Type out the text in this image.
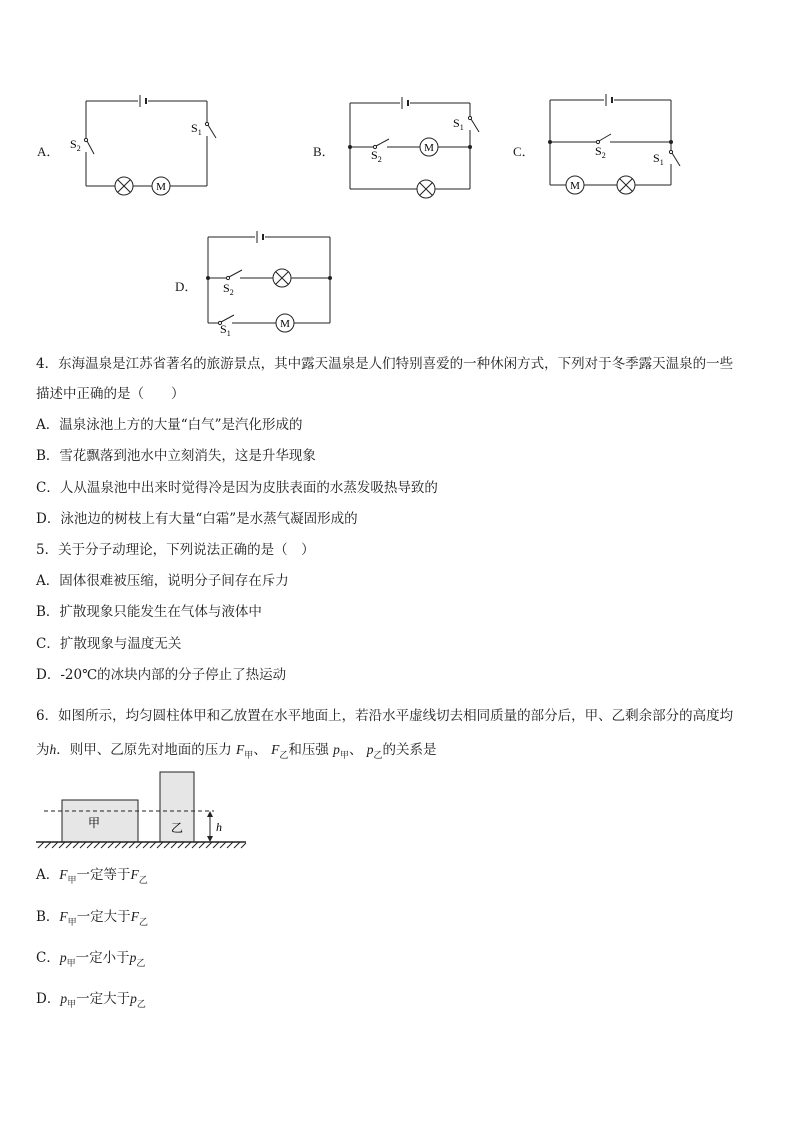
A．
M
$S_2$
$S_1$
B．	M
$S_2$
$S_1$
C．
M
$S_2$	$S_1$
D．
M
$S_2$
$S_1$
4．东海温泉是江苏省著名的旅游景点，其中露天温泉是人们特别喜爱的一种休闲方式，下列对于冬季露天温泉的一些
描述中正确的是（　　）
A．温泉泳池上方的大量“白气”是汽化形成的
B．雪花飘落到池水中立刻消失，这是升华现象
C．人从温泉池中出来时觉得冷是因为皮肤表面的水蒸发吸热导致的
D．泳池边的树枝上有大量“白霜”是水蒸气凝固形成的
5．关于分子动理论，下列说法正确的是（　）
A．固体很难被压缩，说明分子间存在斥力
B．扩散现象只能发生在气体与液体中
C．扩散现象与温度无关
D．-20℃的冰块内部的分子停止了热运动
6．如图所示，均匀圆柱体甲和乙放置在水平地面上，若沿水平虚线切去相同质量的部分后，甲、乙剩余部分的高度均
为h．则甲、乙原先对地面的压力 $F_甲$、 $F_乙$和压强 $p_甲$、 $p_乙$的关系是
甲	乙	h
A．$F_甲$一定等于$F_乙$
B．$F_甲$一定大于$F_乙$
C．$p_甲$一定小于$p_乙$
D．$p_甲$一定大于$p_乙$
